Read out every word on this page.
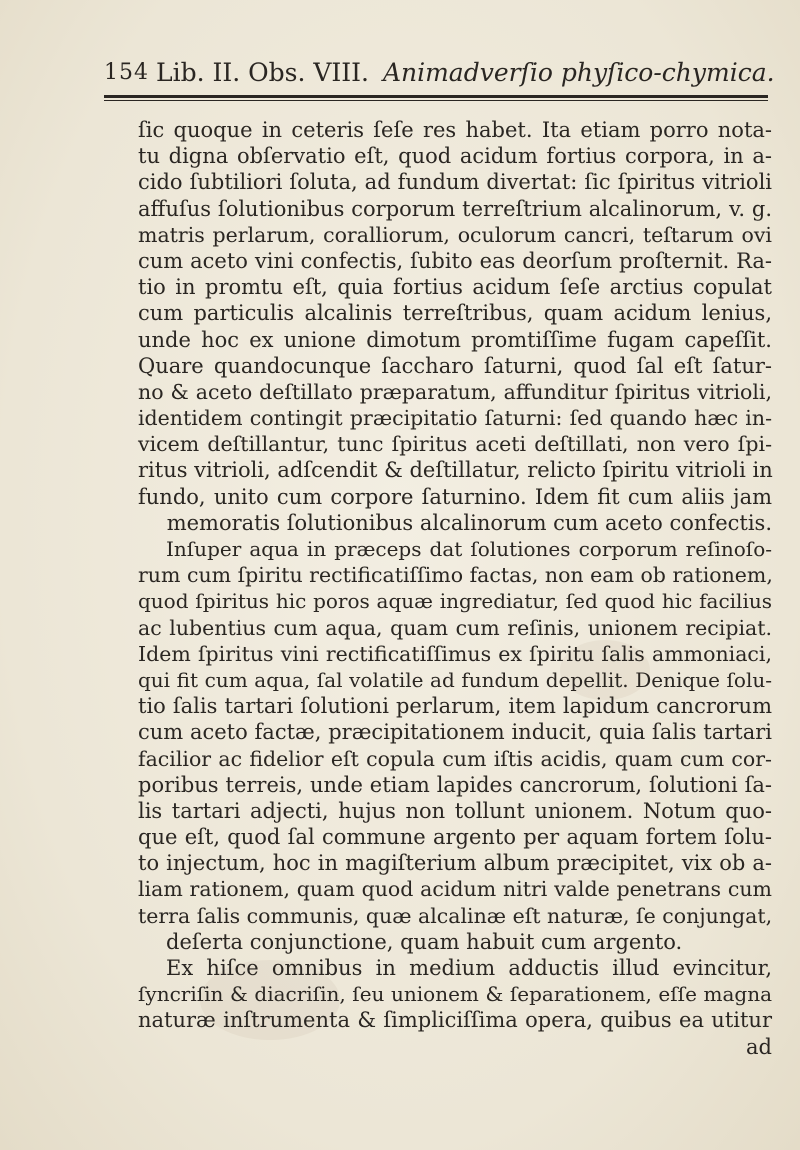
154 Lib. II. Obs. VIII. Animadverſio phyſico-chymica.
ſic quoque in ceteris ſeſe res habet. Ita etiam porro nota-
tu digna obſervatio eſt, quod acidum fortius corpora, in a-
cido ſubtiliori ſoluta, ad fundum divertat: ſic ſpiritus vitrioli
affuſus ſolutionibus corporum terreſtrium alcalinorum, v. g.
matris perlarum, coralliorum, oculorum cancri, teſtarum ovi
cum aceto vini confectis, ſubito eas deorſum proſternit. Ra-
tio in promtu eſt, quia fortius acidum ſeſe arctius copulat
cum particulis alcalinis terreſtribus, quam acidum lenius,
unde hoc ex unione dimotum promtiſſime fugam capeſſit.
Quare quandocunque ſaccharo ſaturni, quod ſal eſt ſatur-
no & aceto deſtillato præparatum, affunditur ſpiritus vitrioli,
identidem contingit præcipitatio ſaturni: ſed quando hæc in-
vicem deſtillantur, tunc ſpiritus aceti deſtillati, non vero ſpi-
ritus vitrioli, adſcendit & deſtillatur, relicto ſpiritu vitrioli in
fundo, unito cum corpore ſaturnino. Idem fit cum aliis jam
memoratis ſolutionibus alcalinorum cum aceto confectis.
Inſuper aqua in præceps dat ſolutiones corporum reſinoſo-
rum cum ſpiritu rectificatiſſimo factas, non eam ob rationem,
quod ſpiritus hic poros aquæ ingrediatur, ſed quod hic facilius
ac lubentius cum aqua, quam cum reſinis, unionem recipiat.
Idem ſpiritus vini rectificatiſſimus ex ſpiritu ſalis ammoniaci,
qui fit cum aqua, ſal volatile ad fundum depellit. Denique ſolu-
tio ſalis tartari ſolutioni perlarum, item lapidum cancrorum
cum aceto factæ, præcipitationem inducit, quia ſalis tartari
facilior ac fidelior eſt copula cum iſtis acidis, quam cum cor-
poribus terreis, unde etiam lapides cancrorum, ſolutioni ſa-
lis tartari adjecti, hujus non tollunt unionem. Notum quo-
que eſt, quod ſal commune argento per aquam fortem ſolu-
to injectum, hoc in magiſterium album præcipitet, vix ob a-
liam rationem, quam quod acidum nitri valde penetrans cum
terra ſalis communis, quæ alcalinæ eſt naturæ, ſe conjungat,
deſerta conjunctione, quam habuit cum argento.
Ex hiſce omnibus in medium adductis illud evincitur,
ſyncriſin & diacriſin, ſeu unionem & ſeparationem, eſſe magna
naturæ inſtrumenta & ſimpliciſſima opera, quibus ea utitur
ad
